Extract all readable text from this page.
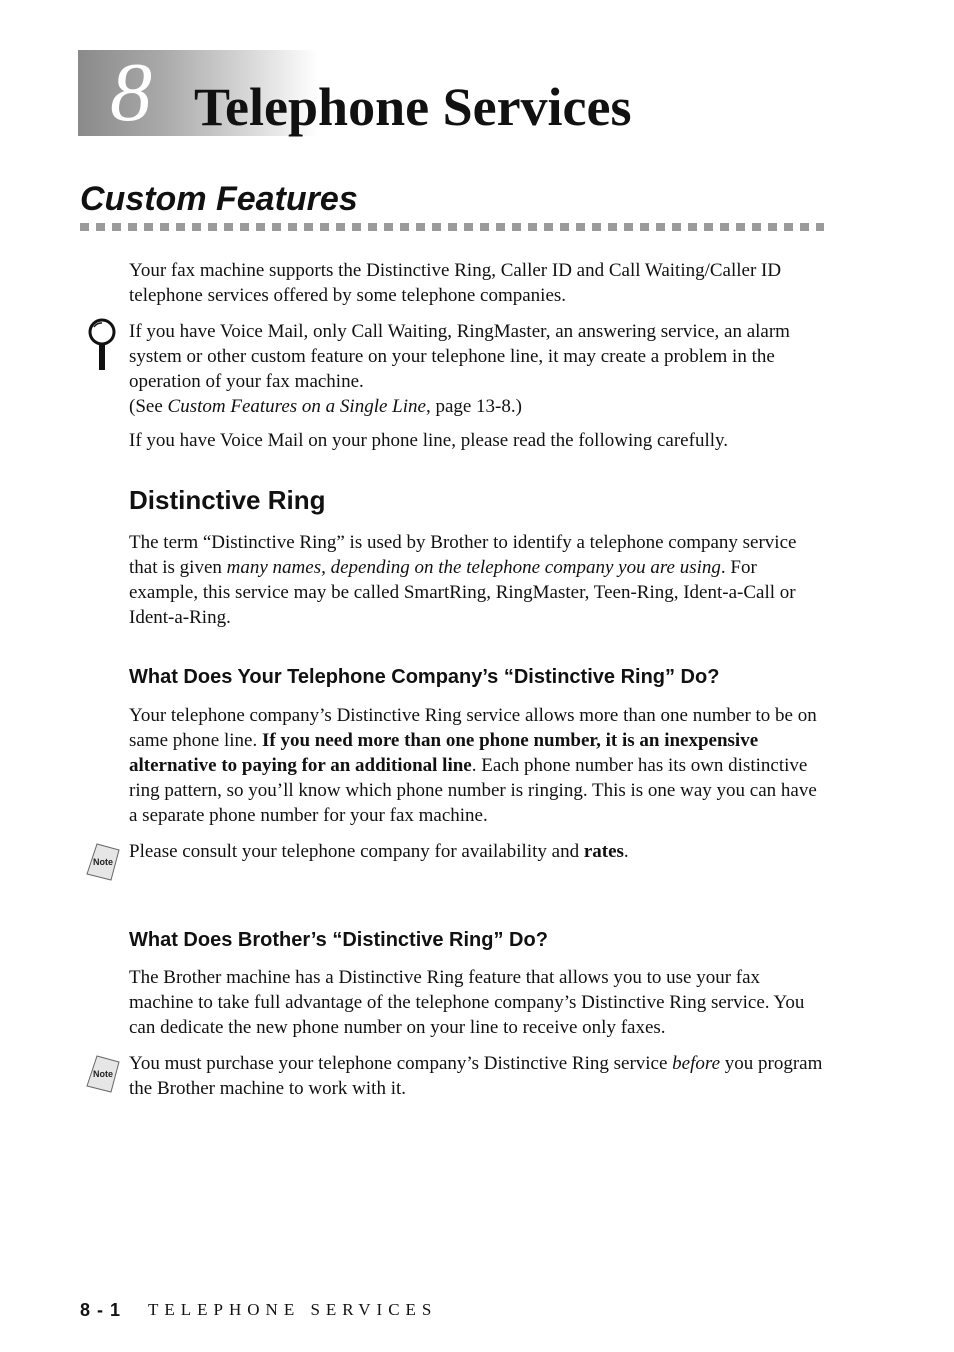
8 Telephone Services
Custom Features

Your fax machine supports the Distinctive Ring, Caller ID and Call Waiting/Caller ID telephone services offered by some telephone companies.

If you have Voice Mail, only Call Waiting, RingMaster, an answering service, an alarm system or other custom feature on your telephone line, it may create a problem in the operation of your fax machine.
(See Custom Features on a Single Line, page 13-8.)

If you have Voice Mail on your phone line, please read the following carefully.

Distinctive Ring

The term “Distinctive Ring” is used by Brother to identify a telephone company service that is given many names, depending on the telephone company you are using. For example, this service may be called SmartRing, RingMaster, Teen-Ring, Ident-a-Call or Ident-a-Ring.

What Does Your Telephone Company’s “Distinctive Ring” Do?

Your telephone company’s Distinctive Ring service allows more than one number to be on same phone line. If you need more than one phone number, it is an inexpensive alternative to paying for an additional line. Each phone number has its own distinctive ring pattern, so you’ll know which phone number is ringing. This is one way you can have a separate phone number for your fax machine.

Note Please consult your telephone company for availability and rates.

What Does Brother’s “Distinctive Ring” Do?

The Brother machine has a Distinctive Ring feature that allows you to use your fax machine to take full advantage of the telephone company’s Distinctive Ring service. You can dedicate the new phone number on your line to receive only faxes.

Note You must purchase your telephone company’s Distinctive Ring service before you program the Brother machine to work with it.

8 - 1 TELEPHONE SERVICES
